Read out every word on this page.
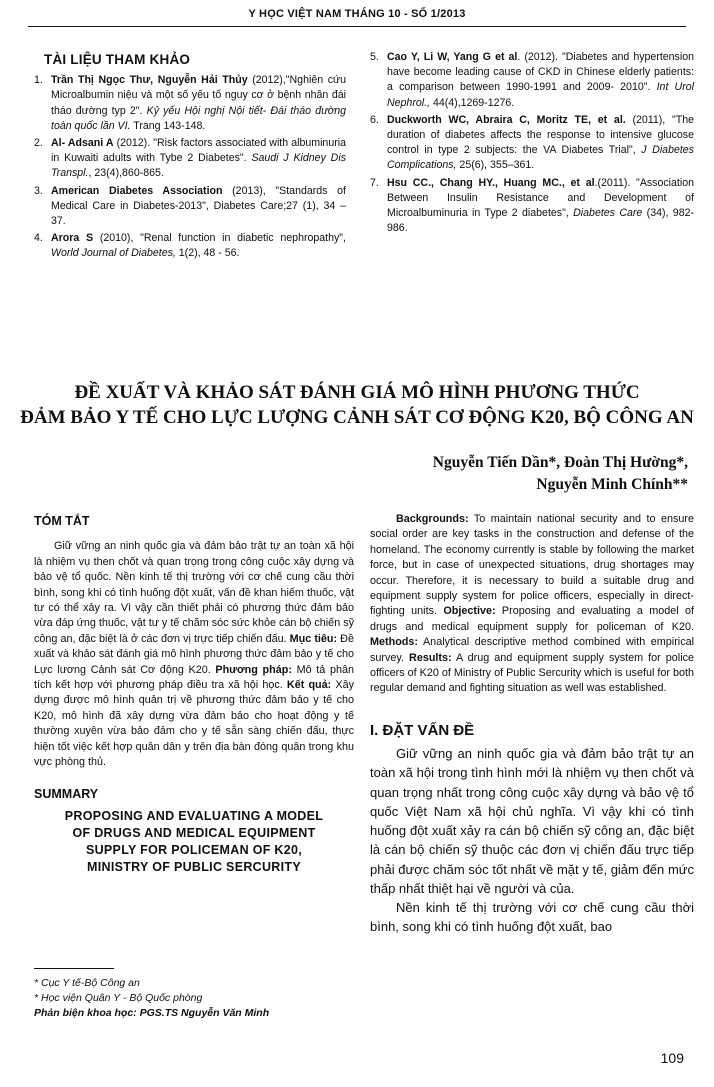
Y HỌC VIỆT NAM THÁNG 10 - SỐ 1/2013
TÀI LIỆU THAM KHẢO
1. Trần Thị Ngọc Thư, Nguyễn Hải Thủy (2012),"Nghiên cứu Microalbumin niệu và một số yếu tố nguy cơ ở bệnh nhân đái tháo đường typ 2". Kỷ yếu Hội nghị Nội tiết- Đái tháo đường toàn quốc lần VI. Trang 143-148.
2. Al- Adsani A (2012). "Risk factors associated with albuminuria in Kuwaiti adults with Tybe 2 Diabetes". Saudi J Kidney Dis Transpl., 23(4),860-865.
3. American Diabetes Association (2013), "Standards of Medical Care in Diabetes-2013", Diabetes Care;27 (1), 34 – 37.
4. Arora S (2010), "Renal function in diabetic nephropathy", World Journal of Diabetes, 1(2), 48 - 56.
5. Cao Y, Li W, Yang G et al. (2012). "Diabetes and hypertension have become leading cause of CKD in Chinese elderly patients: a comparison between 1990-1991 and 2009- 2010". Int Urol Nephrol., 44(4),1269-1276.
6. Duckworth WC, Abraira C, Moritz TE, et al. (2011), "The duration of diabetes affects the response to intensive glucose control in type 2 subjects: the VA Diabetes Trial", J Diabetes Complications, 25(6), 355–361.
7. Hsu CC., Chang HY., Huang MC., et al.(2011). "Association Between Insulin Resistance and Development of Microalbuminuria in Type 2 diabetes", Diabetes Care (34), 982-986.
ĐỀ XUẤT VÀ KHẢO SÁT ĐÁNH GIÁ MÔ HÌNH PHƯƠNG THỨC
ĐẢM BẢO Y TẾ CHO LỰC LƯỢNG CẢNH SÁT CƠ ĐỘNG K20, BỘ CÔNG AN
Nguyễn Tiến Dần*, Đoàn Thị Hường*,
Nguyễn Minh Chính**
TÓM TẮT

Giữ vững an ninh quốc gia và đảm bảo trật tự an toàn xã hội là nhiệm vụ then chốt và quan trọng trong công cuộc xây dựng và bảo vệ tổ quốc. Nền kinh tế thị trường với cơ chế cung cầu thời bình, song khi có tình huống đột xuất, vấn đề khan hiếm thuốc, vật tư có thể xảy ra. Vì vậy cần thiết phải có phương thức đảm bảo vừa đáp ứng thuốc, vật tư y tế chăm sóc sức khỏe cán bộ chiến sỹ công an, đặc biệt là ở các đơn vị trực tiếp chiến đấu. Mục tiêu: Đề xuất và khảo sát đánh giá mô hình phương thức đảm bảo y tế cho Lực lương Cảnh sát Cơ động K20. Phương pháp: Mô tả phân tích kết hợp với phương pháp điều tra xã hội học. Kết quả: Xây dựng được mô hình quản trị về phương thức đảm bảo y tế cho K20, mô hình đã xây dựng vừa đảm bảo cho hoạt động y tế thường xuyên vừa bảo đảm cho y tế sẵn sàng chiến đấu, thực hiện tốt việc kết hợp quân dân y trên địa bàn đóng quân trong khu vực phòng thủ.

SUMMARY
PROPOSING AND EVALUATING A MODEL
OF DRUGS AND MEDICAL EQUIPMENT
SUPPLY FOR POLICEMAN OF K20,
MINISTRY OF PUBLIC SERCURITY
* Cục Y tế-Bộ Công an
* Học viện Quân Y - Bộ Quốc phòng
Phản biện khoa học: PGS.TS Nguyễn Văn Minh

Backgrounds: To maintain national security and to ensure social order are key tasks in the construction and defense of the homeland. The economy currently is stable by following the market force, but in case of unexpected situations, drug shortages may occur. Therefore, it is necessary to build a suitable drug and equipment supply system for police officers, especially in direct-fighting units. Objective: Proposing and evaluating a model of drugs and medical equipment supply for policeman of K20. Methods: Analytical descriptive method combined with empirical survey. Results: A drug and equipment supply system for police officers of K20 of Ministry of Public Sercurity which is useful for both regular demand and fighting situation as well was established.

I. ĐẶT VẤN ĐỀ

Giữ vững an ninh quốc gia và đảm bảo trật tự an toàn xã hội trong tình hình mới là nhiệm vụ then chốt và quan trọng nhất trong công cuộc xây dựng và bảo vệ tổ quốc Việt Nam xã hội chủ nghĩa. Vì vậy khi có tình huống đột xuất xảy ra cán bộ chiến sỹ công an, đặc biệt là cán bộ chiến sỹ thuộc các đơn vị chiến đấu trực tiếp phải được chăm sóc tốt nhất về mặt y tế, giảm đến mức thấp nhất thiệt hại về người và của.

Nền kinh tế thị trường với cơ chế cung cầu thời bình, song khi có tình huống đột xuất, bao

109
